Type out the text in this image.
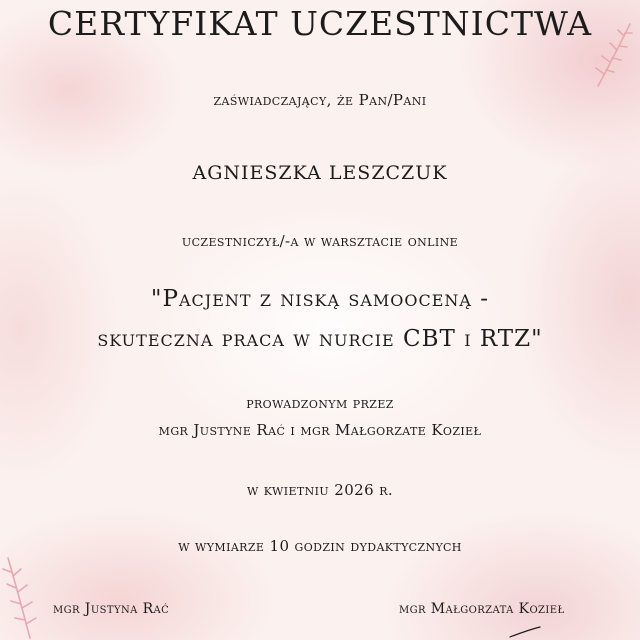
CERTYFIKAT UCZESTNICTWA
zaświadczający, że Pan/Pani
AGNIESZKA LESZCZUK
uczestniczył/-a w warsztacie online
"Pacjent z niską samooceną -
skuteczna praca w nurcie CBT i RTZ"
prowadzonym przez
mgr Justyne Rać i mgr Małgorzate Kozieł
w kwietniu 2026 r.
w wymiarze 10 godzin dydaktycznych
mgr Justyna Rać	mgr Małgorzata Kozieł
